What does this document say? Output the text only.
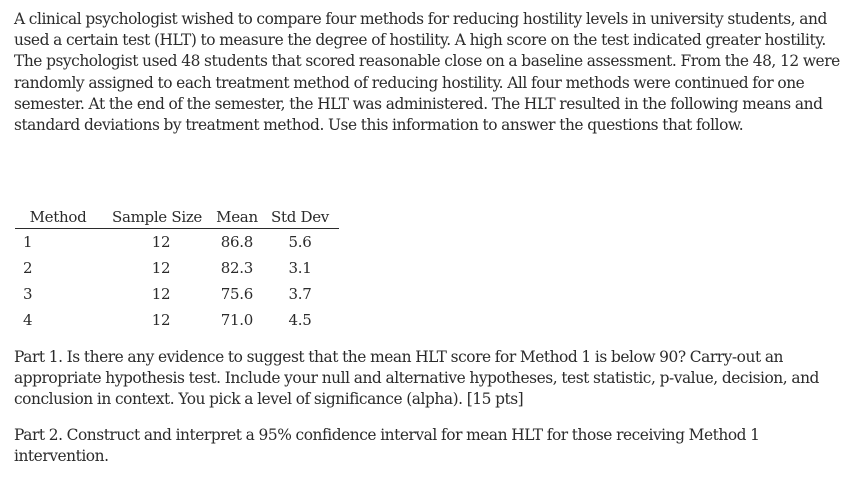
A clinical psychologist wished to compare four methods for reducing hostility levels in university students, and used a certain test (HLT) to measure the degree of hostility. A high score on the test indicated greater hostility. The psychologist used 48 students that scored reasonable close on a baseline assessment. From the 48, 12 were randomly assigned to each treatment method of reducing hostility. All four methods were continued for one semester. At the end of the semester, the HLT was administered. The HLT resulted in the following means and standard deviations by treatment method. Use this information to answer the questions that follow.

Method	Sample Size	Mean	Std Dev
1	12	86.8	5.6
2	12	82.3	3.1
3	12	75.6	3.7
4	12	71.0	4.5

Part 1. Is there any evidence to suggest that the mean HLT score for Method 1 is below 90? Carry-out an appropriate hypothesis test. Include your null and alternative hypotheses, test statistic, p-value, decision, and conclusion in context. You pick a level of significance (alpha). [15 pts]

Part 2. Construct and interpret a 95% confidence interval for mean HLT for those receiving Method 1 intervention.
